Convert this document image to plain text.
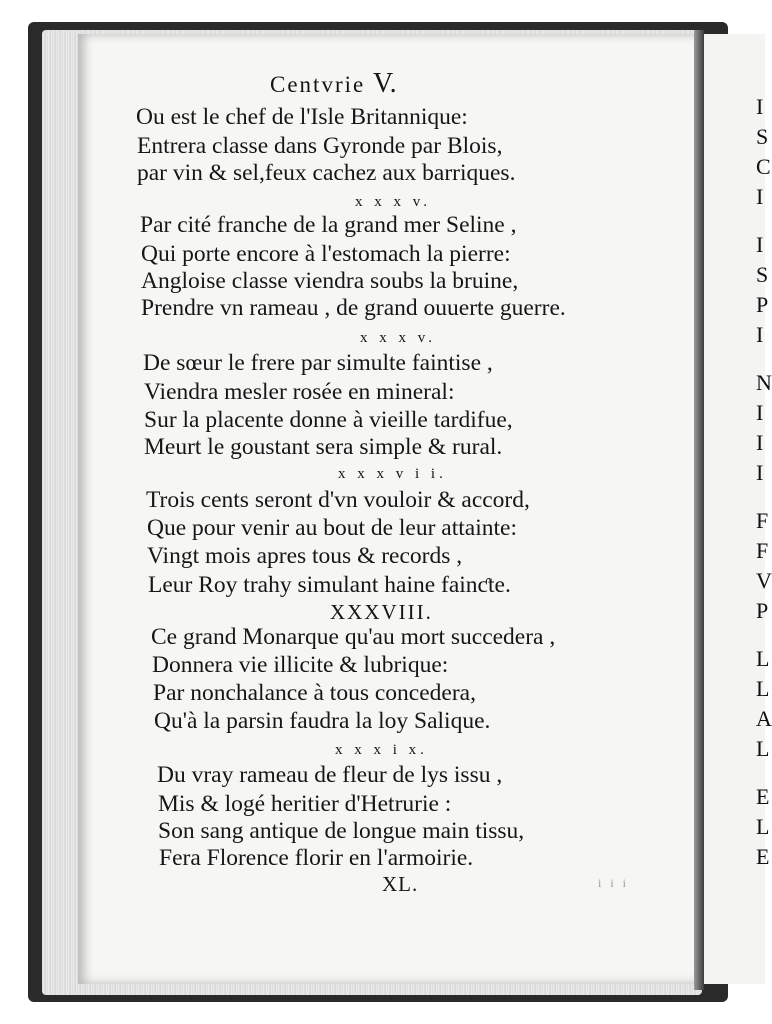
I
S
C
I
I
S
P
I
N
I
I
I
F
F
V
P
L
L
A
L
E
L
E
Centvrie V.
Ou est le chef de l'Isle Britannique:
Entrera classe dans Gyronde par Blois,
par vin & sel,feux cachez aux barriques.
x x x v.
Par cité franche de la grand mer Seline ,
Qui porte encore à l'estomach la pierre:
Angloise classe viendra soubs la bruine,
Prendre vn rameau , de grand ouuerte guerre.
x x x v.
De sœur le frere par simulte faintise ,
Viendra mesler rosée en mineral:
Sur la placente donne à vieille tardifue,
Meurt le goustant sera simple & rural.
x x x v i i.
Trois cents seront d'vn vouloir & accord,
Que pour venir au bout de leur attainte:
Vingt mois apres tous & records ,
Leur Roy trahy simulant haine fainƈte.
XXXVIII.
Ce grand Monarque qu'au mort succedera ,
Donnera vie illicite & lubrique:
Par nonchalance à tous concedera,
Qu'à la parsin faudra la loy Salique.
x x x i x.
Du vray rameau de fleur de lys issu ,
Mis & logé heritier d'Hetrurie :
Son sang antique de longue main tissu,
Fera Florence florir en l'armoirie.
XL.	i i i
